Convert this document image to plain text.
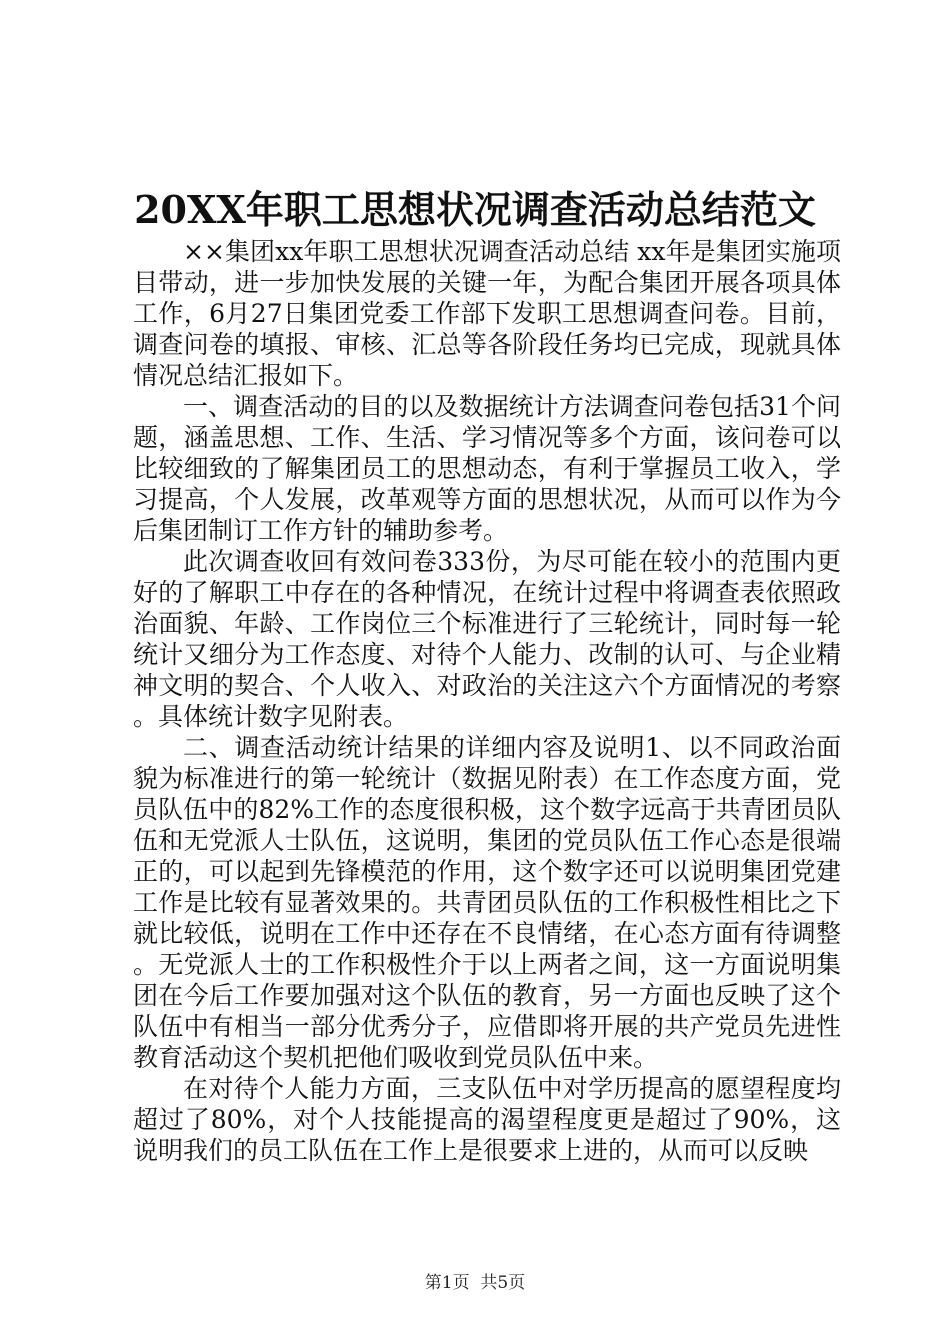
20XX年职工思想状况调查活动总结范文

××集团xx年职工思想状况调查活动总结 xx年是集团实施项目带动，进一步加快发展的关键一年，为配合集团开展各项具体工作，6月27日集团党委工作部下发职工思想调查问卷。目前，调查问卷的填报、审核、汇总等各阶段任务均已完成，现就具体情况总结汇报如下。

一、调查活动的目的以及数据统计方法调查问卷包括31个问题，涵盖思想、工作、生活、学习情况等多个方面，该问卷可以比较细致的了解集团员工的思想动态，有利于掌握员工收入，学习提高，个人发展，改革观等方面的思想状况，从而可以作为今后集团制订工作方针的辅助参考。

此次调查收回有效问卷333份，为尽可能在较小的范围内更好的了解职工中存在的各种情况，在统计过程中将调查表依照政治面貌、年龄、工作岗位三个标准进行了三轮统计，同时每一轮统计又细分为工作态度、对待个人能力、改制的认可、与企业精神文明的契合、个人收入、对政治的关注这六个方面情况的考察。具体统计数字见附表。

二、调查活动统计结果的详细内容及说明1、以不同政治面貌为标准进行的第一轮统计（数据见附表）在工作态度方面，党员队伍中的82%工作的态度很积极，这个数字远高于共青团员队伍和无党派人士队伍，这说明，集团的党员队伍工作心态是很端正的，可以起到先锋模范的作用，这个数字还可以说明集团党建工作是比较有显著效果的。共青团员队伍的工作积极性相比之下就比较低，说明在工作中还存在不良情绪，在心态方面有待调整。无党派人士的工作积极性介于以上两者之间，这一方面说明集团在今后工作要加强对这个队伍的教育，另一方面也反映了这个队伍中有相当一部分优秀分子，应借即将开展的共产党员先进性教育活动这个契机把他们吸收到党员队伍中来。

在对待个人能力方面，三支队伍中对学历提高的愿望程度均超过了80%，对个人技能提高的渴望程度更是超过了90%，这说明我们的员工队伍在工作上是很要求上进的，从而可以反映

第1页  共5页
